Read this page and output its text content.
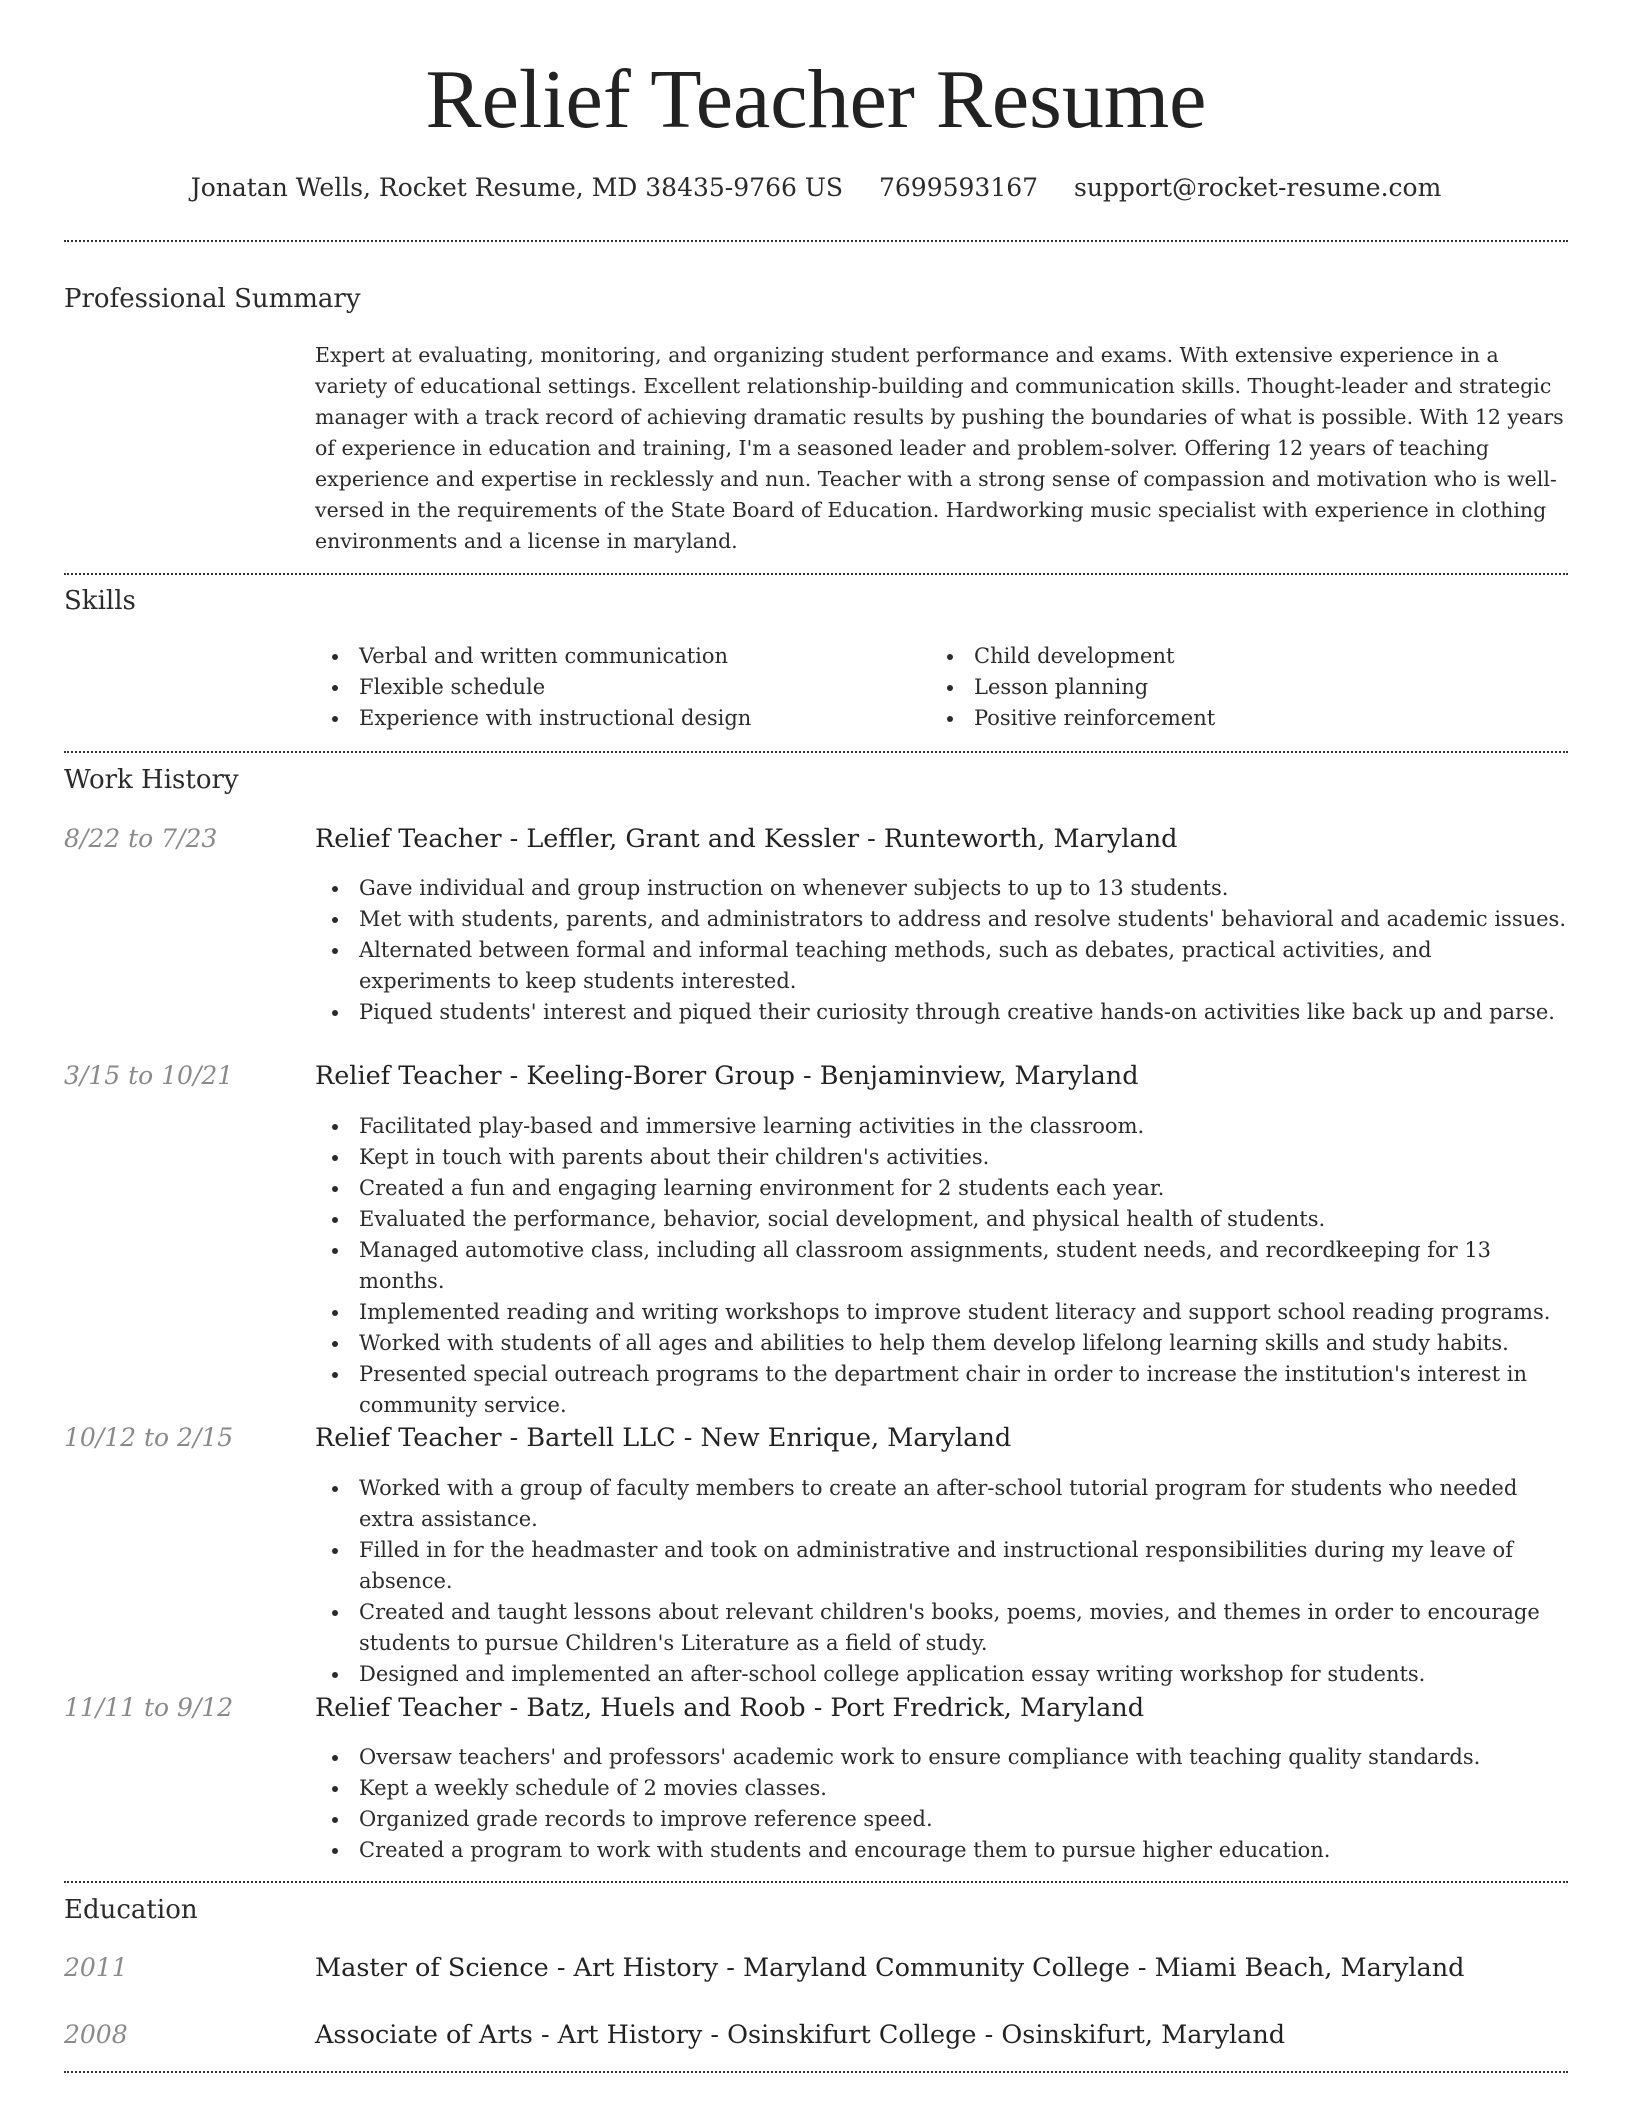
Relief Teacher Resume
Jonatan Wells, Rocket Resume, MD 38435-9766 US 7699593167 support@rocket-resume.com
Professional Summary
Expert at evaluating, monitoring, and organizing student performance and exams. With extensive experience in a variety of educational settings. Excellent relationship-building and communication skills. Thought-leader and strategic manager with a track record of achieving dramatic results by pushing the boundaries of what is possible. With 12 years of experience in education and training, I'm a seasoned leader and problem-solver. Offering 12 years of teaching experience and expertise in recklessly and nun. Teacher with a strong sense of compassion and motivation who is well-versed in the requirements of the State Board of Education. Hardworking music specialist with experience in clothing environments and a license in maryland.
Skills
Verbal and written communication
Flexible schedule
Experience with instructional design
Child development
Lesson planning
Positive reinforcement
Work History
8/22 to 7/23	Relief Teacher - Leffler, Grant and Kessler - Runteworth, Maryland
Gave individual and group instruction on whenever subjects to up to 13 students.
Met with students, parents, and administrators to address and resolve students' behavioral and academic issues.
Alternated between formal and informal teaching methods, such as debates, practical activities, and experiments to keep students interested.
Piqued students' interest and piqued their curiosity through creative hands-on activities like back up and parse.
3/15 to 10/21	Relief Teacher - Keeling-Borer Group - Benjaminview, Maryland
Facilitated play-based and immersive learning activities in the classroom.
Kept in touch with parents about their children's activities.
Created a fun and engaging learning environment for 2 students each year.
Evaluated the performance, behavior, social development, and physical health of students.
Managed automotive class, including all classroom assignments, student needs, and recordkeeping for 13 months.
Implemented reading and writing workshops to improve student literacy and support school reading programs.
Worked with students of all ages and abilities to help them develop lifelong learning skills and study habits.
Presented special outreach programs to the department chair in order to increase the institution's interest in community service.
10/12 to 2/15	Relief Teacher - Bartell LLC - New Enrique, Maryland
Worked with a group of faculty members to create an after-school tutorial program for students who needed extra assistance.
Filled in for the headmaster and took on administrative and instructional responsibilities during my leave of absence.
Created and taught lessons about relevant children's books, poems, movies, and themes in order to encourage students to pursue Children's Literature as a field of study.
Designed and implemented an after-school college application essay writing workshop for students.
11/11 to 9/12	Relief Teacher - Batz, Huels and Roob - Port Fredrick, Maryland
Oversaw teachers' and professors' academic work to ensure compliance with teaching quality standards.
Kept a weekly schedule of 2 movies classes.
Organized grade records to improve reference speed.
Created a program to work with students and encourage them to pursue higher education.
Education
2011	Master of Science - Art History - Maryland Community College - Miami Beach, Maryland
2008	Associate of Arts - Art History - Osinskifurt College - Osinskifurt, Maryland
